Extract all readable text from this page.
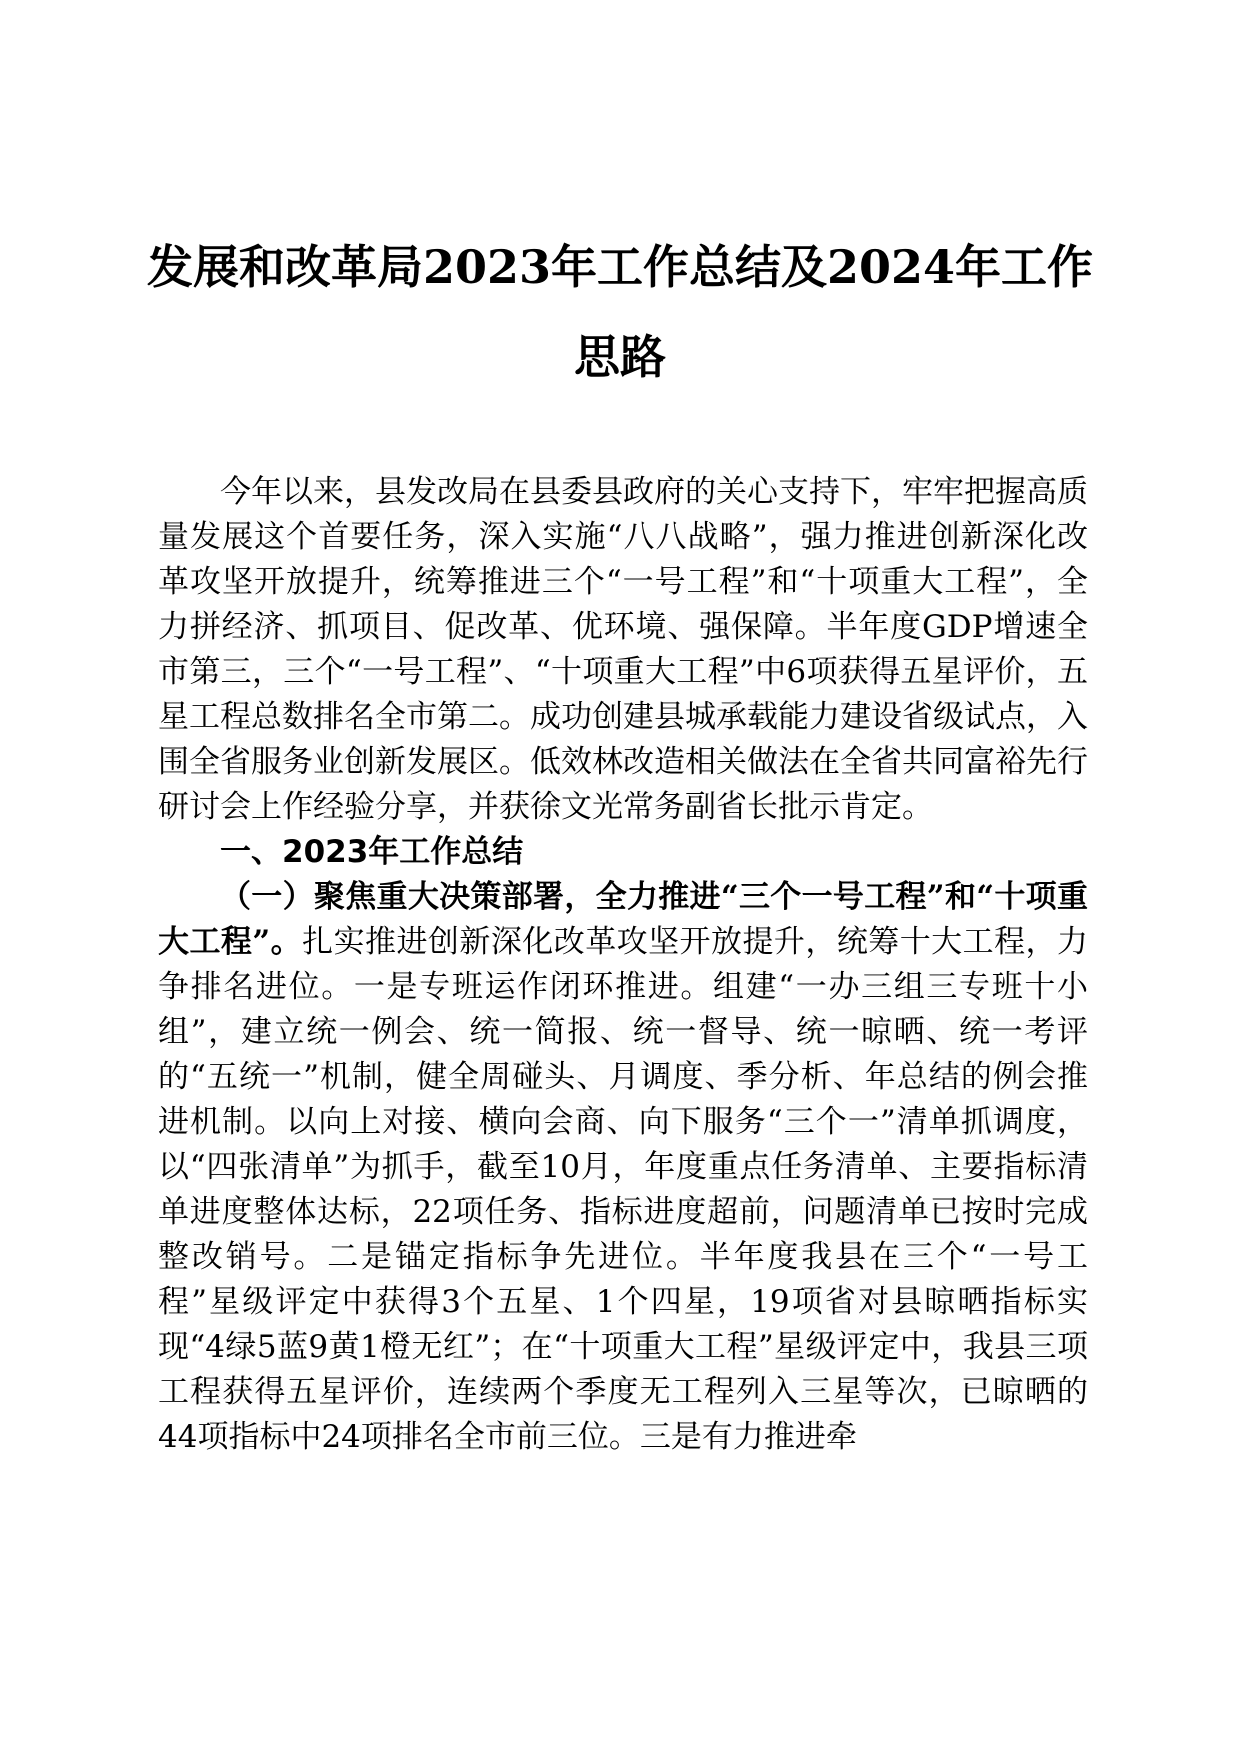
发展和改革局2023年工作总结及2024年工作
思路

今年以来，县发改局在县委县政府的关心支持下，牢牢把握高质量发展这个首要任务，深入实施“八八战略”，强力推进创新深化改革攻坚开放提升，统筹推进三个“一号工程”和“十项重大工程”，全力拼经济、抓项目、促改革、优环境、强保障。半年度GDP增速全市第三，三个“一号工程”、“十项重大工程”中6项获得五星评价，五星工程总数排名全市第二。成功创建县城承载能力建设省级试点，入围全省服务业创新发展区。低效林改造相关做法在全省共同富裕先行研讨会上作经验分享，并获徐文光常务副省长批示肯定。

一、2023年工作总结

（一）聚焦重大决策部署，全力推进“三个一号工程”和“十项重大工程”。扎实推进创新深化改革攻坚开放提升，统筹十大工程，力争排名进位。一是专班运作闭环推进。组建“一办三组三专班十小组”，建立统一例会、统一简报、统一督导、统一晾晒、统一考评的“五统一”机制，健全周碰头、月调度、季分析、年总结的例会推进机制。以向上对接、横向会商、向下服务“三个一”清单抓调度，以“四张清单”为抓手，截至10月，年度重点任务清单、主要指标清单进度整体达标，22项任务、指标进度超前，问题清单已按时完成整改销号。二是锚定指标争先进位。半年度我县在三个“一号工程”星级评定中获得3个五星、1个四星，19项省对县晾晒指标实现“4绿5蓝9黄1橙无红”；在“十项重大工程”星级评定中，我县三项工程获得五星评价，连续两个季度无工程列入三星等次，已晾晒的44项指标中24项排名全市前三位。三是有力推进牵
